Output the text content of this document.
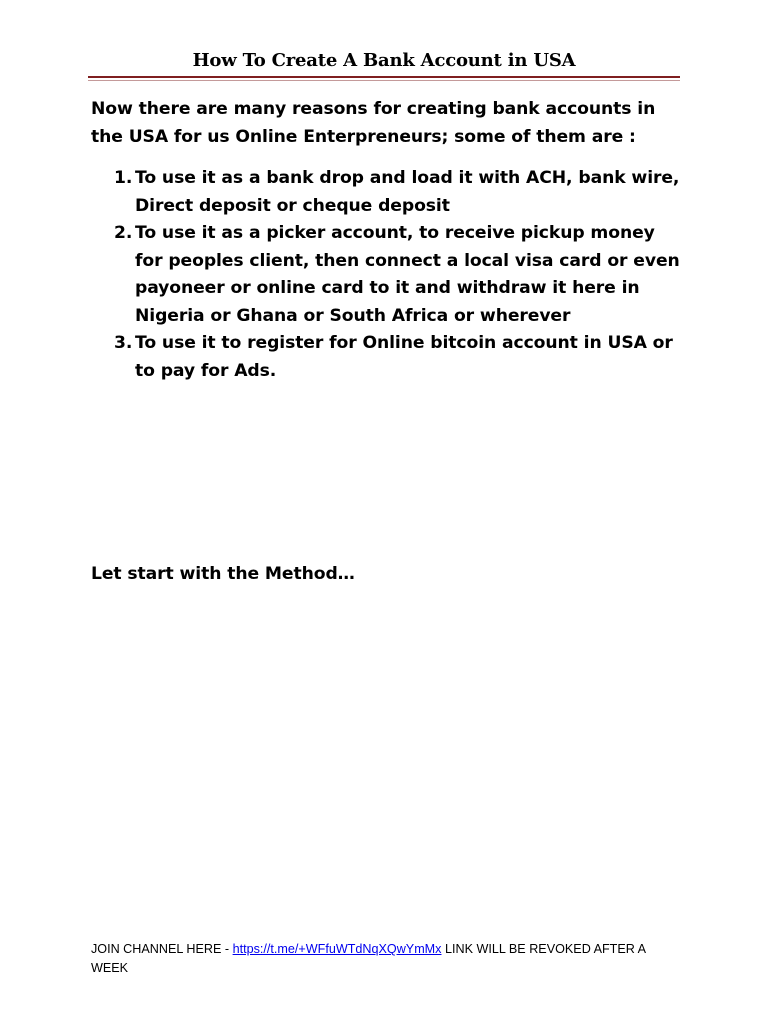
How To Create A Bank Account in USA
Now there are many reasons for creating bank accounts in the USA for us Online Enterpreneurs; some of them are :
1. To use it as a bank drop and load it with ACH, bank wire, Direct deposit or cheque deposit
2. To use it as a picker account, to receive pickup money for peoples client, then connect a local visa card or even payoneer or online card to it and withdraw it here in Nigeria or Ghana or South Africa or wherever
3. To use it to register for Online bitcoin account in USA or to pay for Ads.
Let start with the Method…
JOIN CHANNEL HERE - https://t.me/+WFfuWTdNqXQwYmMx LINK WILL BE REVOKED AFTER A WEEK
